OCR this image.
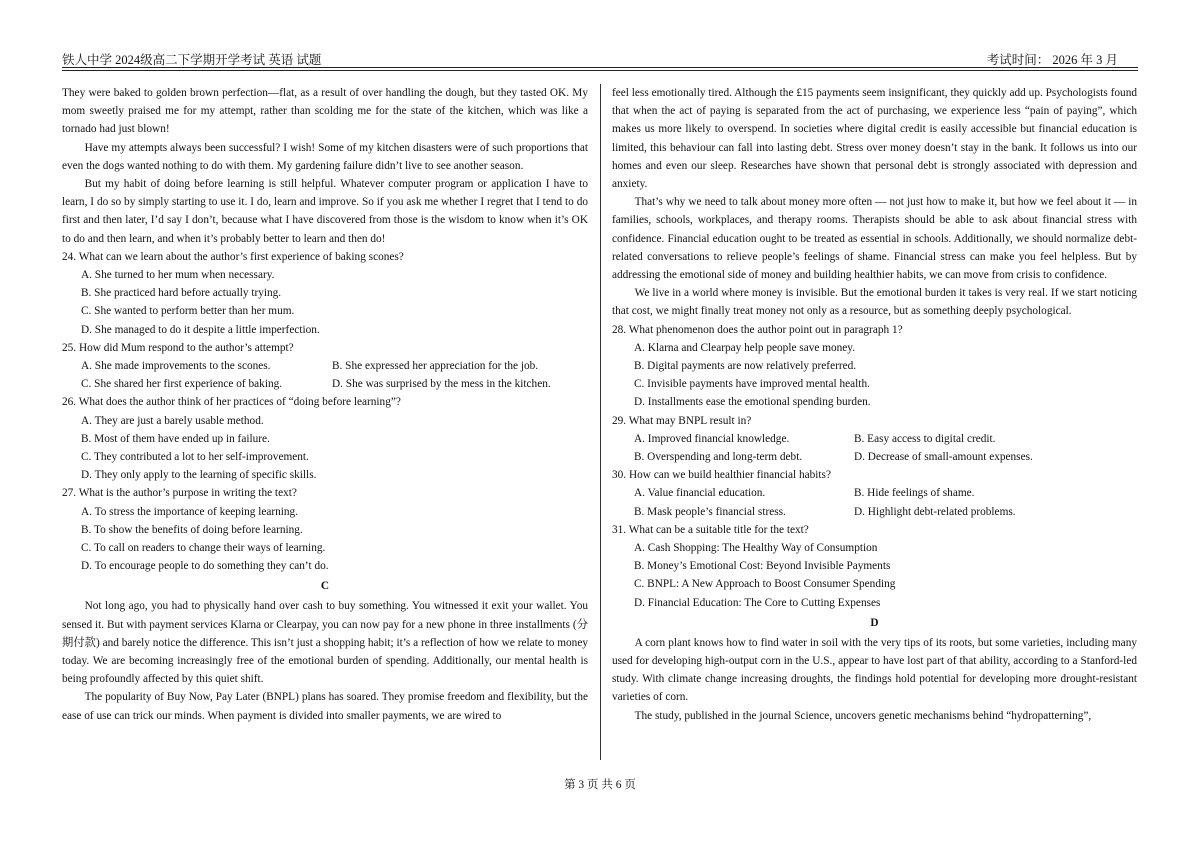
铁人中学 2024级高二下学期开学考试 英语 试题	考试时间： 2026 年 3 月

They were baked to golden brown perfection—flat, as a result of over handling the dough, but they tasted OK. My mom sweetly praised me for my attempt, rather than scolding me for the state of the kitchen, which was like a tornado had just blown!

Have my attempts always been successful? I wish! Some of my kitchen disasters were of such proportions that even the dogs wanted nothing to do with them. My gardening failure didn’t live to see another season.

But my habit of doing before learning is still helpful. Whatever computer program or application I have to learn, I do so by simply starting to use it. I do, learn and improve. So if you ask me whether I regret that I tend to do first and then later, I’d say I don’t, because what I have discovered from those is the wisdom to know when it’s OK to do and then learn, and when it’s probably better to learn and then do!

24. What can we learn about the author’s first experience of baking scones?

A. She turned to her mum when necessary.

B. She practiced hard before actually trying.

C. She wanted to perform better than her mum.

D. She managed to do it despite a little imperfection.

25. How did Mum respond to the author’s attempt?

A. She made improvements to the scones.	B. She expressed her appreciation for the job.
C. She shared her first experience of baking.	D. She was surprised by the mess in the kitchen.

26. What does the author think of her practices of “doing before learning”?

A. They are just a barely usable method.

B. Most of them have ended up in failure.

C. They contributed a lot to her self-improvement.

D. They only apply to the learning of specific skills.

27. What is the author’s purpose in writing the text?

A. To stress the importance of keeping learning.

B. To show the benefits of doing before learning.

C. To call on readers to change their ways of learning.

D. To encourage people to do something they can’t do.

C

Not long ago, you had to physically hand over cash to buy something. You witnessed it exit your wallet. You sensed it. But with payment services Klarna or Clearpay, you can now pay for a new phone in three installments (分期付款) and barely notice the difference. This isn’t just a shopping habit; it’s a reflection of how we relate to money today. We are becoming increasingly free of the emotional burden of spending. Additionally, our mental health is being profoundly affected by this quiet shift.

The popularity of Buy Now, Pay Later (BNPL) plans has soared. They promise freedom and flexibility, but the ease of use can trick our minds. When payment is divided into smaller payments, we are wired to

feel less emotionally tired. Although the £15 payments seem insignificant, they quickly add up. Psychologists found that when the act of paying is separated from the act of purchasing, we experience less “pain of paying”, which makes us more likely to overspend. In societies where digital credit is easily accessible but financial education is limited, this behaviour can fall into lasting debt. Stress over money doesn’t stay in the bank. It follows us into our homes and even our sleep. Researches have shown that personal debt is strongly associated with depression and anxiety.

That’s why we need to talk about money more often — not just how to make it, but how we feel about it — in families, schools, workplaces, and therapy rooms. Therapists should be able to ask about financial stress with confidence. Financial education ought to be treated as essential in schools. Additionally, we should normalize debt-related conversations to relieve people’s feelings of shame. Financial stress can make you feel helpless. But by addressing the emotional side of money and building healthier habits, we can move from crisis to confidence.

We live in a world where money is invisible. But the emotional burden it takes is very real. If we start noticing that cost, we might finally treat money not only as a resource, but as something deeply psychological.

28. What phenomenon does the author point out in paragraph 1?

A. Klarna and Clearpay help people save money.

B. Digital payments are now relatively preferred.

C. Invisible payments have improved mental health.

D. Installments ease the emotional spending burden.

29. What may BNPL result in?

A. Improved financial knowledge.	B. Easy access to digital credit.
B. Overspending and long-term debt.	D. Decrease of small-amount expenses.

30. How can we build healthier financial habits?

A. Value financial education.	B. Hide feelings of shame.
B. Mask people’s financial stress.	D. Highlight debt-related problems.

31. What can be a suitable title for the text?

A. Cash Shopping: The Healthy Way of Consumption

B. Money’s Emotional Cost: Beyond Invisible Payments

C. BNPL: A New Approach to Boost Consumer Spending

D. Financial Education: The Core to Cutting Expenses

D

A corn plant knows how to find water in soil with the very tips of its roots, but some varieties, including many used for developing high-output corn in the U.S., appear to have lost part of that ability, according to a Stanford-led study. With climate change increasing droughts, the findings hold potential for developing more drought-resistant varieties of corn.

The study, published in the journal Science, uncovers genetic mechanisms behind “hydropatterning”,

第 3 页 共 6 页
